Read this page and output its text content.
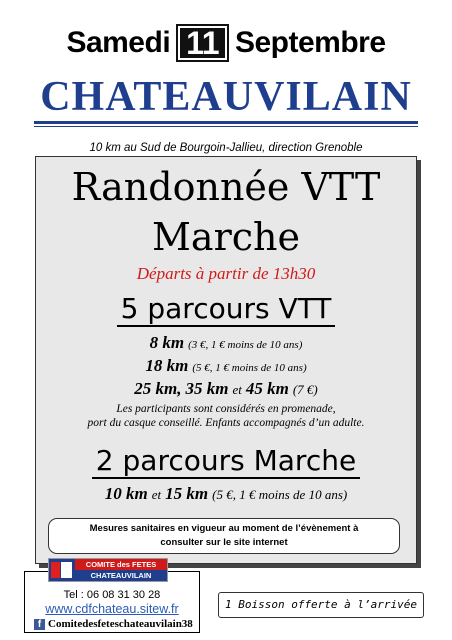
Samedi 11 Septembre
CHATEAUVILAIN
10 km au Sud de Bourgoin-Jallieu, direction Grenoble
Randonnée VTT
Marche
Départs à partir de 13h30
5 parcours VTT
8 km (3 €, 1 € moins de 10 ans)
18 km (5 €, 1 € moins de 10 ans)
25 km, 35 km et 45 km (7 €)
Les participants sont considérés en promenade,
port du casque conseillé. Enfants accompagnés d’un adulte.
2 parcours Marche
10 km et 15 km (5 €, 1 € moins de 10 ans)
Mesures sanitaires en vigueur au moment de l’évènement à
consulter sur le site internet
COMITE des FETES
CHATEAUVILAIN
Tel : 06 08 31 30 28
www.cdfchateau.sitew.fr
f Comitedesfeteschateauvilain38
1 Boisson offerte à l’arrivée
